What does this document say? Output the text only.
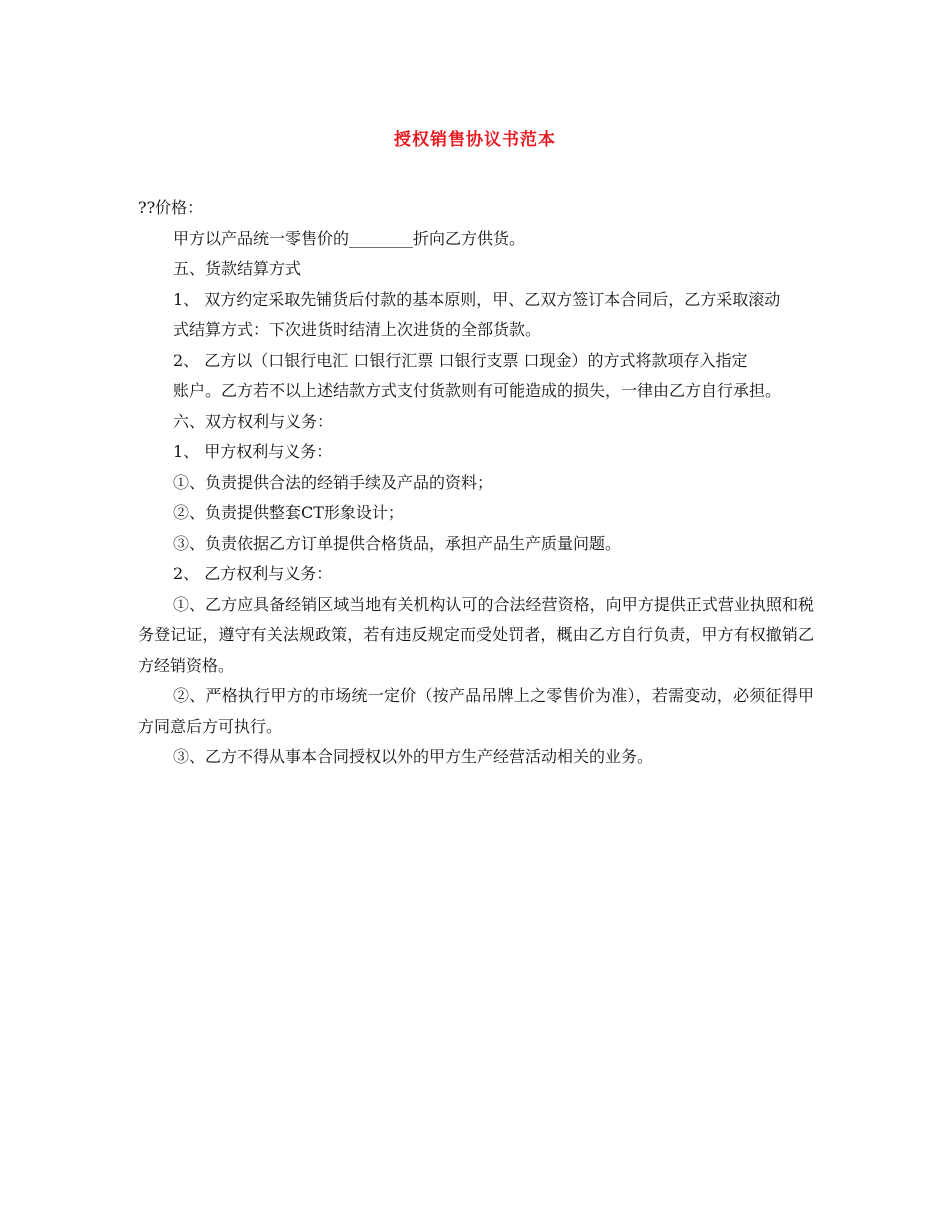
授权销售协议书范本

??价格：

甲方以产品统一零售价的________折向乙方供货。

五、货款结算方式

1、 双方约定采取先铺货后付款的基本原则，甲、乙双方签订本合同后，乙方采取滚动

式结算方式：下次进货时结清上次进货的全部货款。

2、 乙方以（口银行电汇 口银行汇票 口银行支票 口现金）的方式将款项存入指定

账户。乙方若不以上述结款方式支付货款则有可能造成的损失，一律由乙方自行承担。

六、双方权利与义务：

1、 甲方权利与义务：

①、负责提供合法的经销手续及产品的资料；

②、负责提供整套CT形象设计；

③、负责依据乙方订单提供合格货品，承担产品生产质量问题。

2、 乙方权利与义务：

①、乙方应具备经销区域当地有关机构认可的合法经营资格，向甲方提供正式营业执照和税务登记证，遵守有关法规政策，若有违反规定而受处罚者，概由乙方自行负责，甲方有权撤销乙方经销资格。

②、严格执行甲方的市场统一定价（按产品吊牌上之零售价为准），若需变动，必须征得甲方同意后方可执行。

③、乙方不得从事本合同授权以外的甲方生产经营活动相关的业务。
